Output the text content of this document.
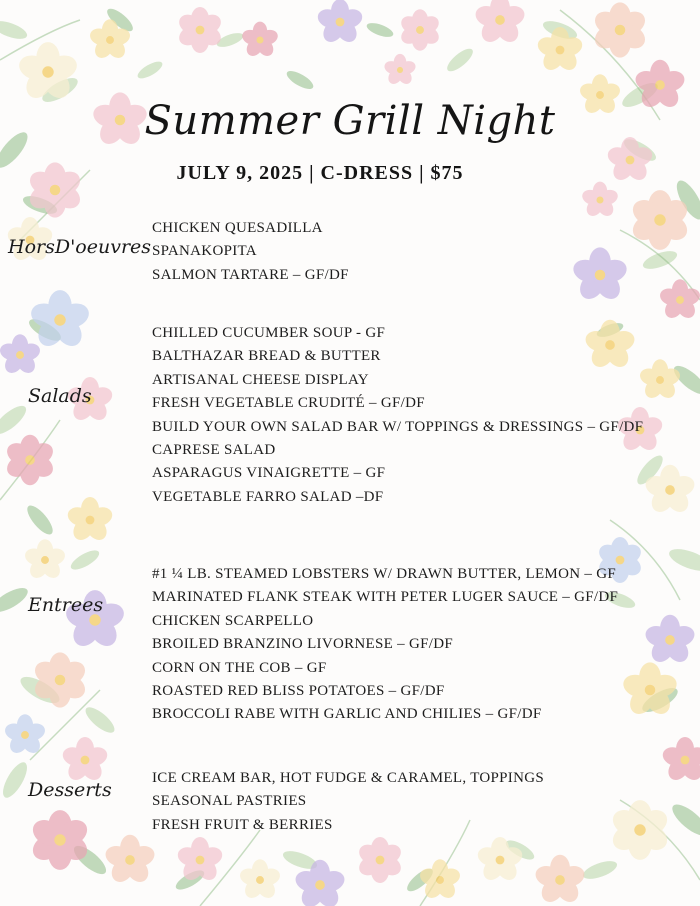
Summer Grill Night
JULY 9, 2025 | C-DRESS | $75
HorsD'oeuvres
CHICKEN QUESADILLA
SPANAKOPITA
SALMON TARTARE – GF/DF
Salads
CHILLED CUCUMBER SOUP - GF
BALTHAZAR BREAD & BUTTER
ARTISANAL CHEESE DISPLAY
FRESH VEGETABLE CRUDITÉ – GF/DF
BUILD YOUR OWN SALAD BAR W/ TOPPINGS & DRESSINGS – GF/DF
CAPRESE SALAD
ASPARAGUS VINAIGRETTE – GF
VEGETABLE FARRO SALAD –DF
Entrees
#1 ¼ LB. STEAMED LOBSTERS W/ DRAWN BUTTER, LEMON – GF
MARINATED FLANK STEAK WITH PETER LUGER SAUCE – GF/DF
CHICKEN SCARPELLO
BROILED BRANZINO LIVORNESE – GF/DF
CORN ON THE COB – GF
ROASTED RED BLISS POTATOES – GF/DF
BROCCOLI RABE WITH GARLIC AND CHILIES – GF/DF
Desserts
ICE CREAM BAR, HOT FUDGE & CARAMEL, TOPPINGS
SEASONAL PASTRIES
FRESH FRUIT & BERRIES
